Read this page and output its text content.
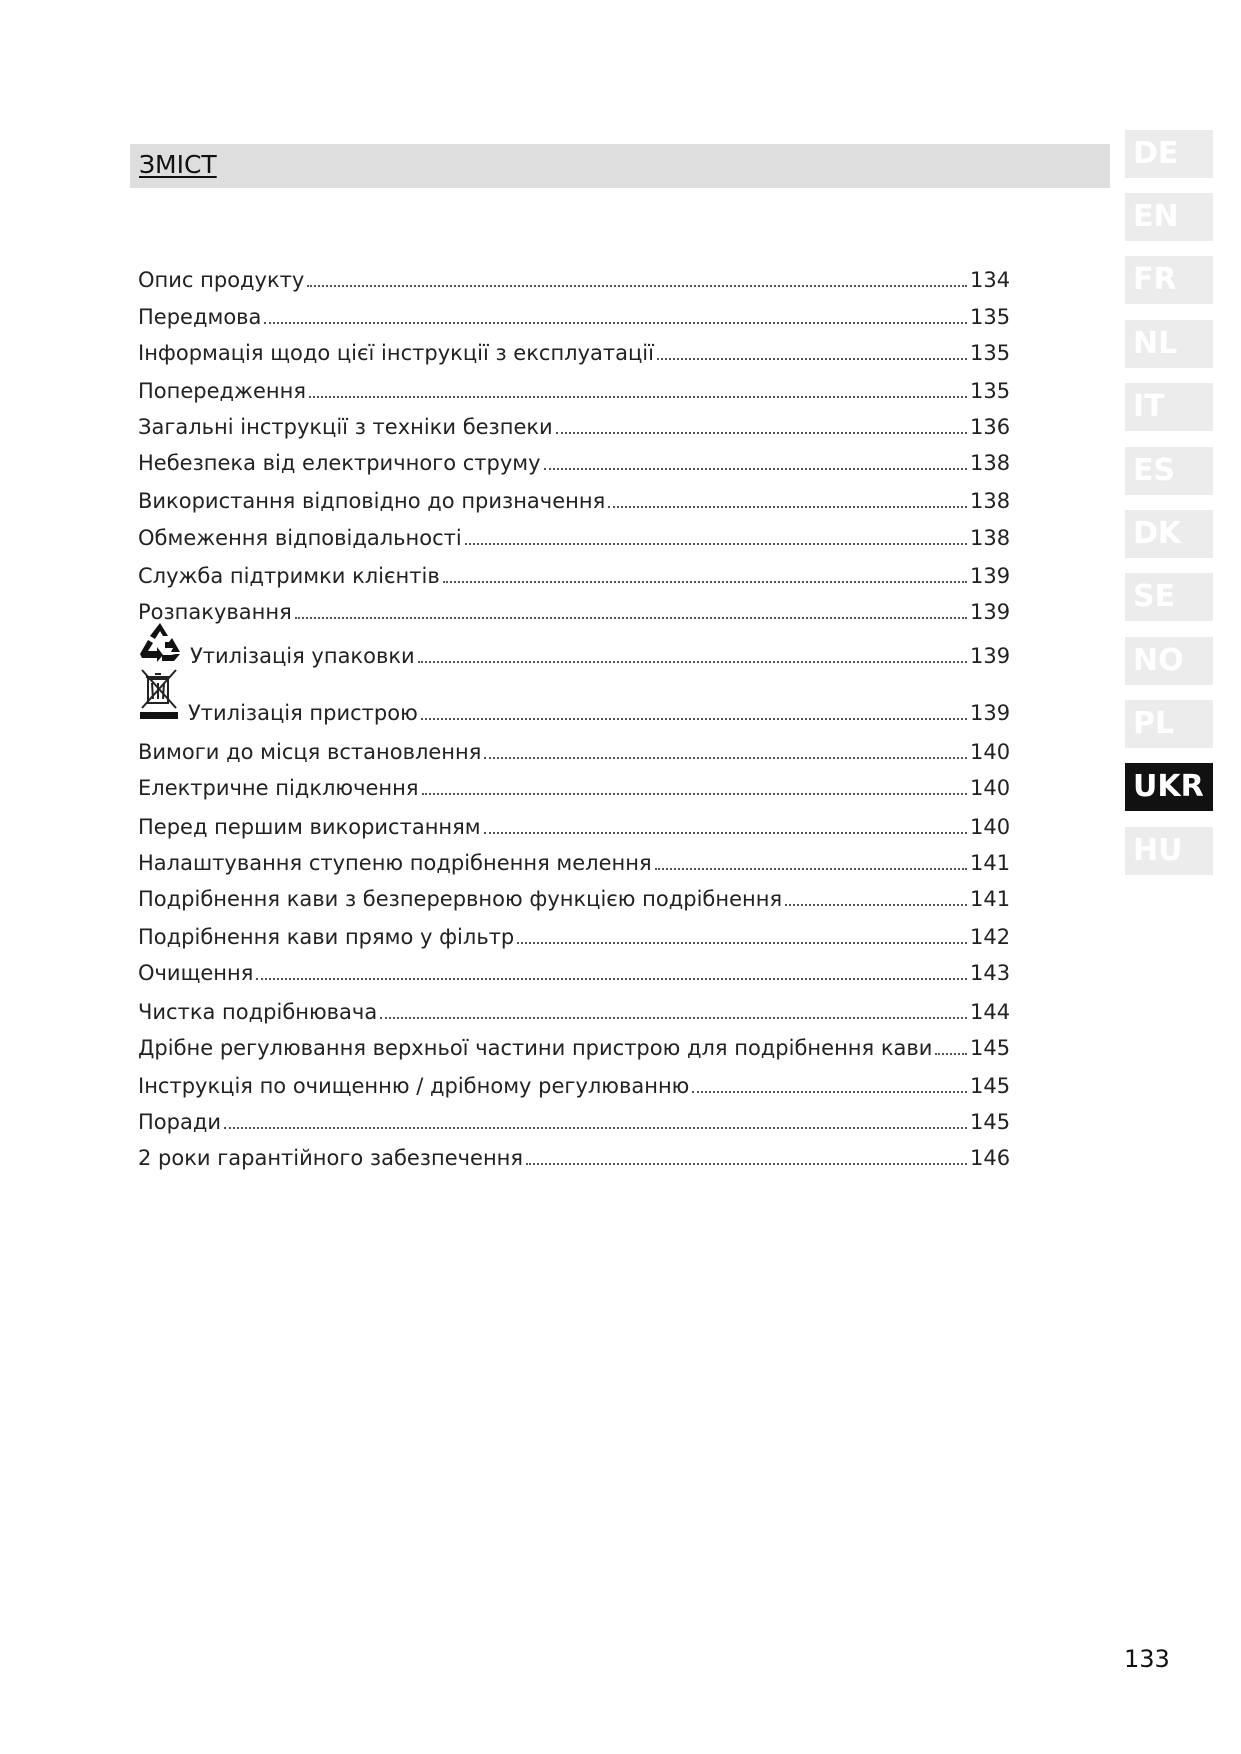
ЗМІСТ
Опис продукту	134
Передмова	135
Інформація щодо цієї інструкції з експлуатації	135
Попередження	135
Загальні інструкції з техніки безпеки	136
Небезпека від електричного струму	138
Використання відповідно до призначення	138
Обмеження відповідальності	138
Служба підтримки клієнтів	139
Розпакування	139
Утилізація упаковки	139
Утилізація пристрою	139
Вимоги до місця встановлення	140
Електричне підключення	140
Перед першим використанням	140
Налаштування ступеню подрібнення мелення	141
Подрібнення кави з безперервною функцією подрібнення	141
Подрібнення кави прямо у фільтр	142
Очищення	143
Чистка подрібнювача	144
Дрібне регулювання верхньої частини пристрою для подрібнення кави 145
Інструкція по очищенню / дрібному регулюванню	145
Поради	145
2 роки гарантійного забезпечення	146
DE
EN
FR
NL
IT
ES
DK
SE
NO
PL
UKR
HU
133
